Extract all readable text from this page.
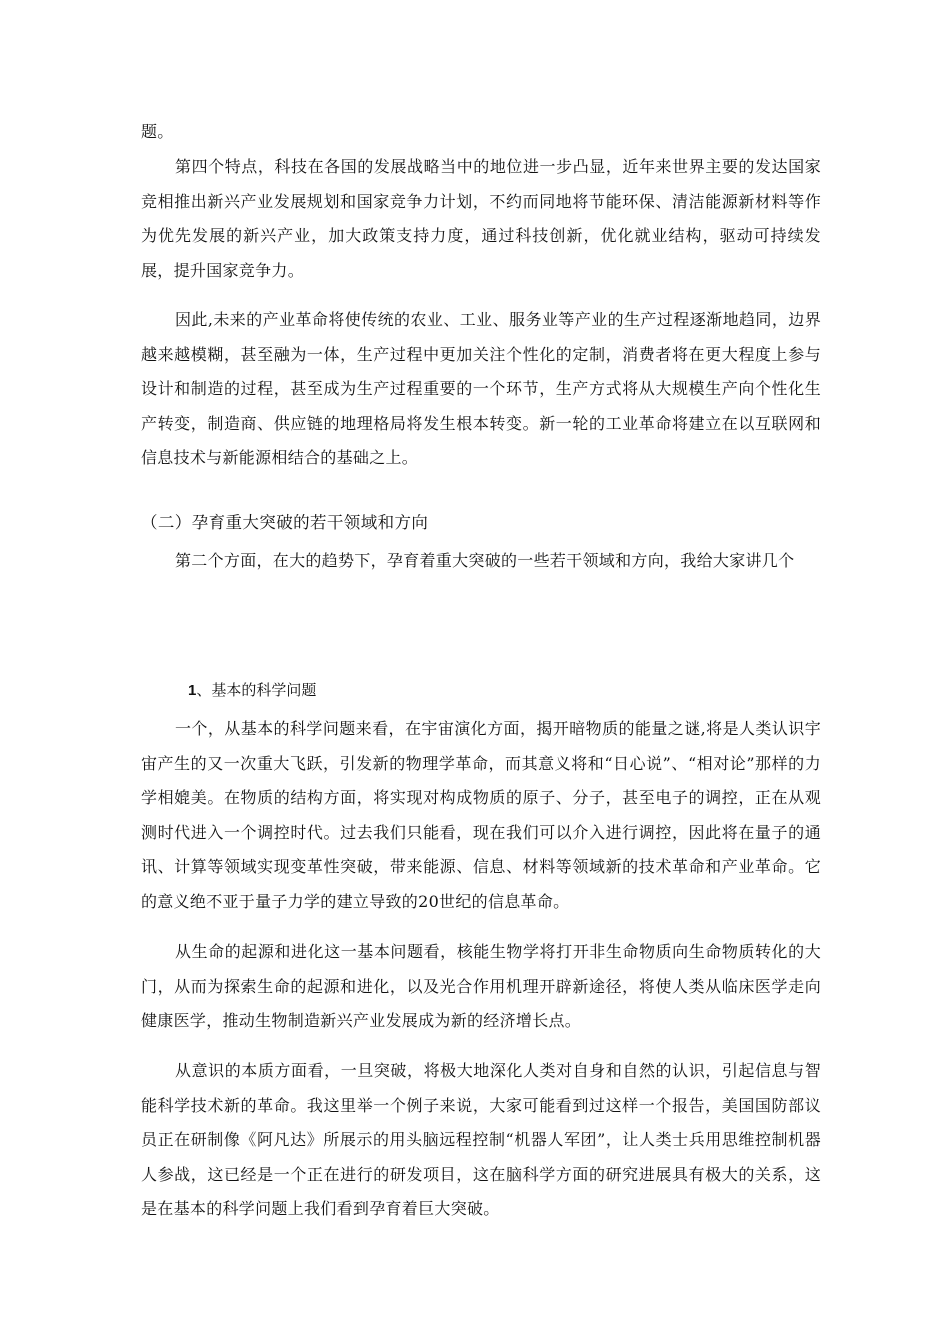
题。

第四个特点，科技在各国的发展战略当中的地位进一步凸显，近年来世界主要的发达国家竞相推出新兴产业发展规划和国家竞争力计划，不约而同地将节能环保、清洁能源新材料等作为优先发展的新兴产业，加大政策支持力度，通过科技创新，优化就业结构，驱动可持续发展，提升国家竞争力。

因此,未来的产业革命将使传统的农业、工业、服务业等产业的生产过程逐渐地趋同，边界越来越模糊，甚至融为一体，生产过程中更加关注个性化的定制，消费者将在更大程度上参与设计和制造的过程，甚至成为生产过程重要的一个环节，生产方式将从大规模生产向个性化生产转变，制造商、供应链的地理格局将发生根本转变。新一轮的工业革命将建立在以互联网和信息技术与新能源相结合的基础之上。

（二）孕育重大突破的若干领域和方向

第二个方面，在大的趋势下，孕育着重大突破的一些若干领域和方向，我给大家讲几个

1、基本的科学问题

一个，从基本的科学问题来看，在宇宙演化方面，揭开暗物质的能量之谜,将是人类认识宇宙产生的又一次重大飞跃，引发新的物理学革命，而其意义将和“日心说”、“相对论”那样的力学相媲美。在物质的结构方面，将实现对构成物质的原子、分子，甚至电子的调控，正在从观测时代进入一个调控时代。过去我们只能看，现在我们可以介入进行调控，因此将在量子的通讯、计算等领域实现变革性突破，带来能源、信息、材料等领域新的技术革命和产业革命。它的意义绝不亚于量子力学的建立导致的20世纪的信息革命。

从生命的起源和进化这一基本问题看，核能生物学将打开非生命物质向生命物质转化的大门，从而为探索生命的起源和进化，以及光合作用机理开辟新途径，将使人类从临床医学走向健康医学，推动生物制造新兴产业发展成为新的经济增长点。

从意识的本质方面看，一旦突破，将极大地深化人类对自身和自然的认识，引起信息与智能科学技术新的革命。我这里举一个例子来说，大家可能看到过这样一个报告，美国国防部议员正在研制像《阿凡达》所展示的用头脑远程控制“机器人军团”，让人类士兵用思维控制机器人参战，这已经是一个正在进行的研发项目，这在脑科学方面的研究进展具有极大的关系，这是在基本的科学问题上我们看到孕育着巨大突破。
